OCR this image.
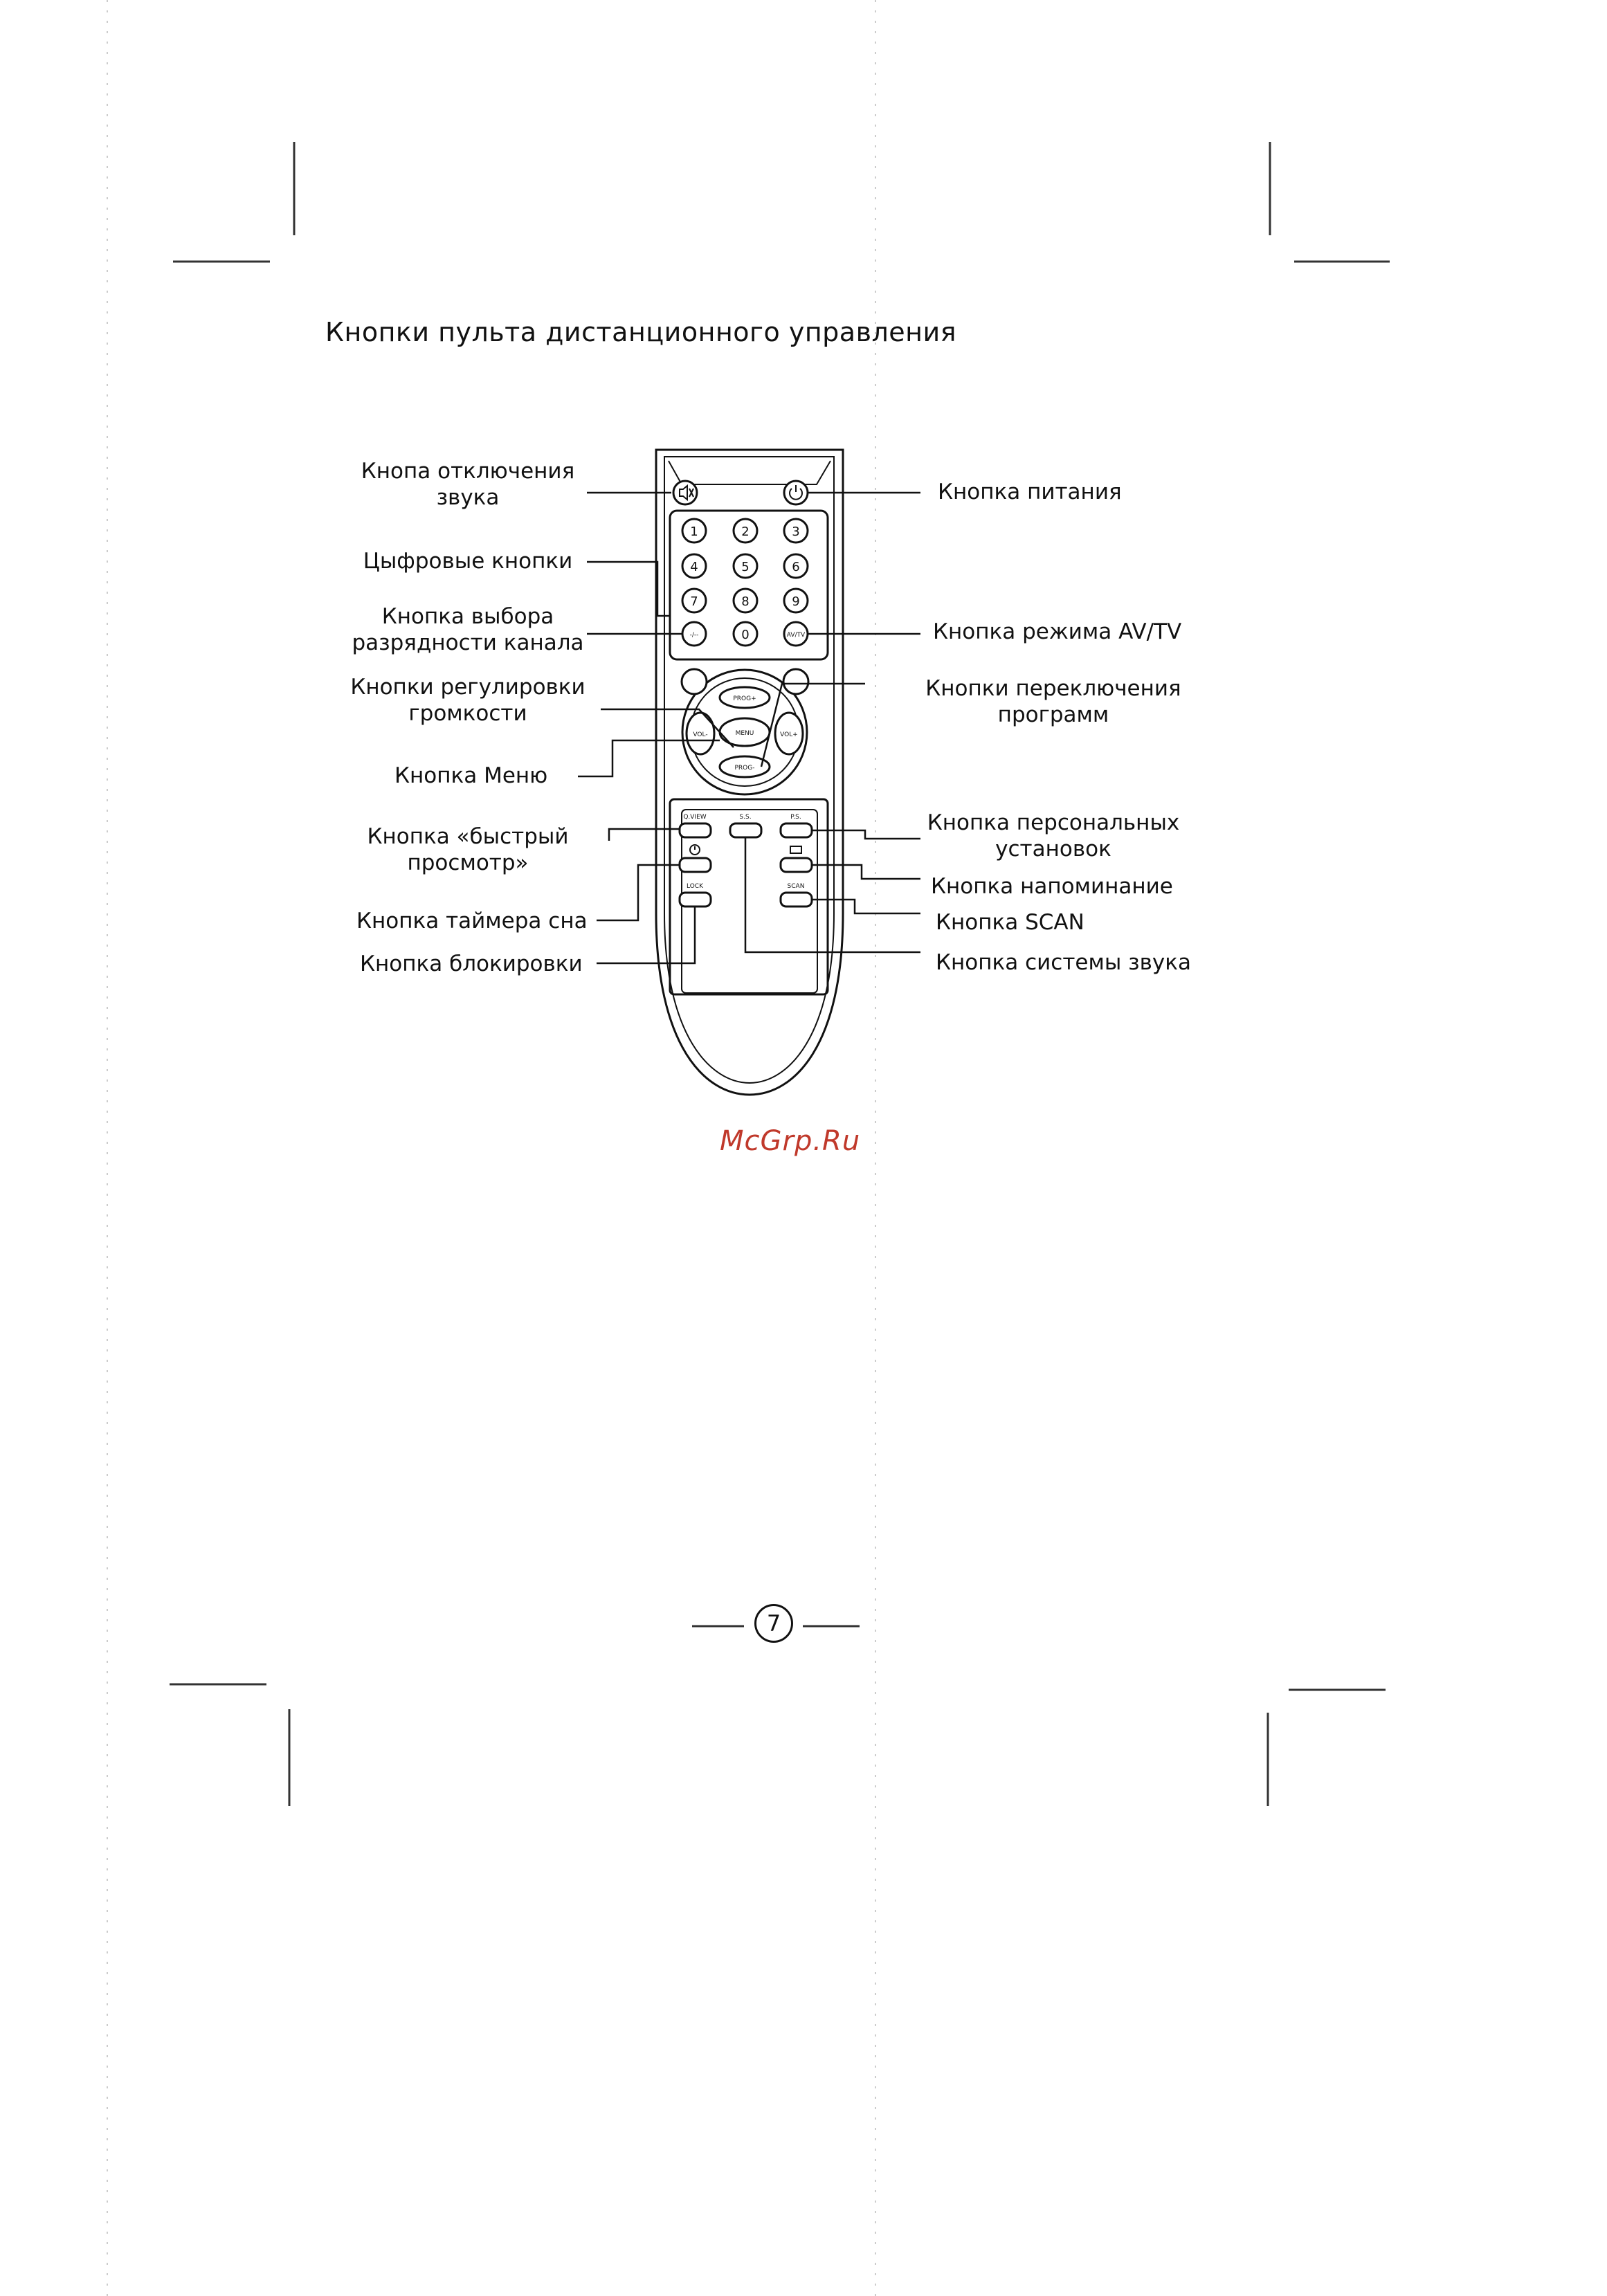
Кнопки пульта дистанционного управления
1	2	3
4	5	6
7	8	9
0
-/--	AV/TV
PROG+
PROG-
VOL-	VOL+
MENU
Q.VIEW	S.S.	P.S.
LOCK	SCAN
Кнопа отключения
звука
Цыфровые кнопки
Кнопка выбора
разрядности канала
Кнопки регулировки
громкости
Кнопка Меню
Кнопка «быстрый
просмотр»
Кнопка таймера сна
Кнопка блокировки
Кнопка питания
Кнопка режима AV/TV
Кнопки переключения
программ
Кнопка персональных
установок
Кнопка напоминание
Кнопка SCAN
Кнопка системы звука
McGrp.Ru
7
